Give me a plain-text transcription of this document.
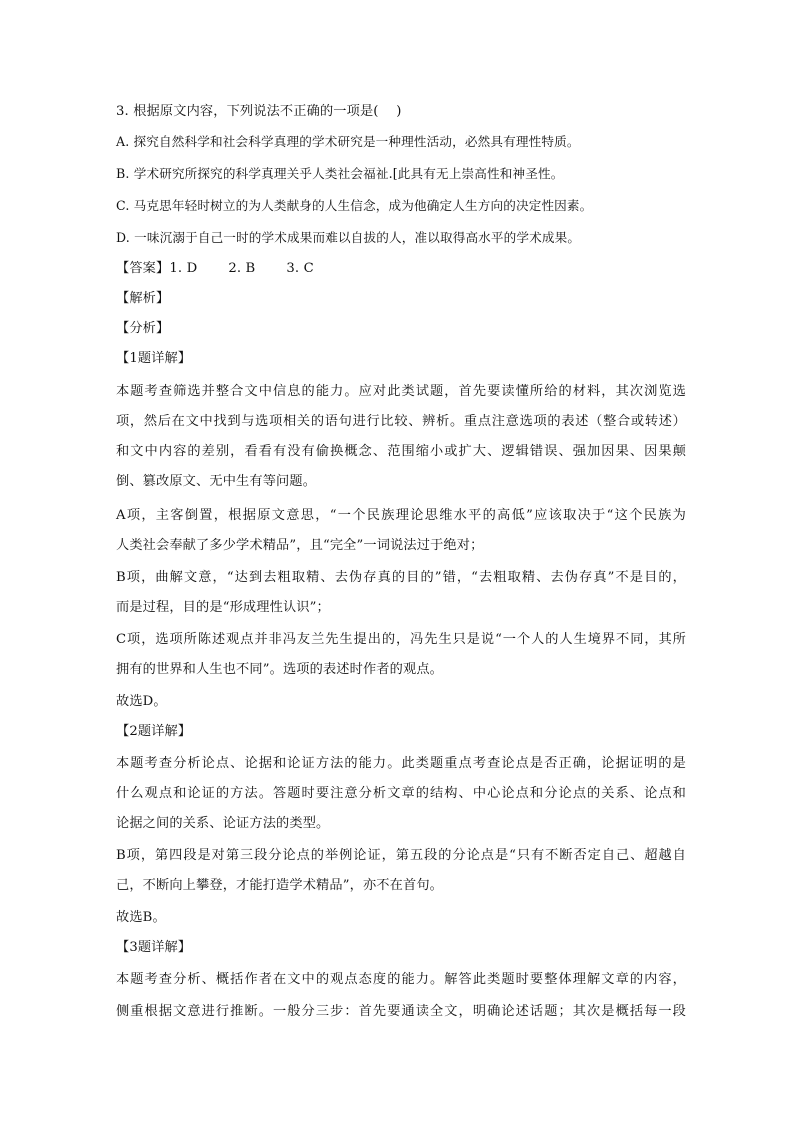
3. 根据原文内容，下列说法不正确的一项是(　 )
A. 探究自然科学和社会科学真理的学术研究是一种理性活动，必然具有理性特质。
B. 学术研究所探究的科学真理关乎人类社会福祉.[此具有无上崇高性和神圣性。
C. 马克思年轻时树立的为人类献身的人生信念，成为他确定人生方向的决定性因素。
D. 一味沉溺于自己一时的学术成果而难以自拔的人，准以取得高水平的学术成果。
【答案】1. D　　 2. B　　 3. C
【解析】
【分析】
【1题详解】
本题考查筛选并整合文中信息的能力。应对此类试题，首先要读懂所给的材料，其次浏览选
项，然后在文中找到与选项相关的语句进行比较、辨析。重点注意选项的表述（整合或转述）
和文中内容的差别，看看有没有偷换概念、范围缩小或扩大、逻辑错误、强加因果、因果颠
倒、篡改原文、无中生有等问题。
A项，主客倒置，根据原文意思，“一个民族理论思维水平的高低”应该取决于“这个民族为
人类社会奉献了多少学术精品”，且“完全”一词说法过于绝对；
B项，曲解文意，“达到去粗取精、去伪存真的目的”错，“去粗取精、去伪存真”不是目的，
而是过程，目的是“形成理性认识”；
C项，选项所陈述观点并非冯友兰先生提出的，冯先生只是说“一个人的人生境界不同，其所
拥有的世界和人生也不同”。选项的表述时作者的观点。
故选D。
【2题详解】
本题考查分析论点、论据和论证方法的能力。此类题重点考查论点是否正确，论据证明的是
什么观点和论证的方法。答题时要注意分析文章的结构、中心论点和分论点的关系、论点和
论据之间的关系、论证方法的类型。
B项，第四段是对第三段分论点的举例论证，第五段的分论点是“只有不断否定自己、超越自
己，不断向上攀登，才能打造学术精品”，亦不在首句。
故选B。
【3题详解】
本题考查分析、概括作者在文中的观点态度的能力。解答此类题时要整体理解文章的内容，
侧重根据文意进行推断。一般分三步：首先要通读全文，明确论述话题；其次是概括每一段
